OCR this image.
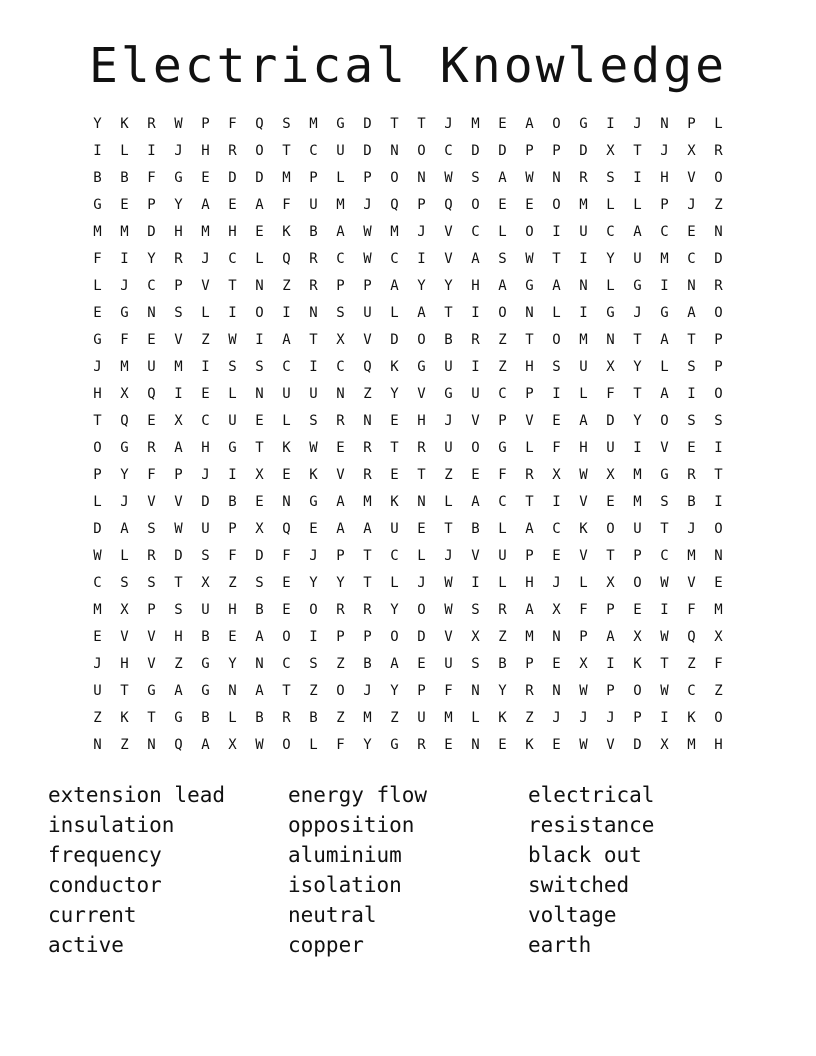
Electrical Knowledge
Y	K	R	W	P	F	Q	S	M	G	D	T	T	J	M	E	A	O	G	I	J	N	P	L
I	L	I	J	H	R	O	T	C	U	D	N	O	C	D	D	P	P	D	X	T	J	X	R
B	B	F	G	E	D	D	M	P	L	P	O	N	W	S	A	W	N	R	S	I	H	V	O
G	E	P	Y	A	E	A	F	U	M	J	Q	P	Q	O	E	E	O	M	L	L	P	J	Z
M	M	D	H	M	H	E	K	B	A	W	M	J	V	C	L	O	I	U	C	A	C	E	N
F	I	Y	R	J	C	L	Q	R	C	W	C	I	V	A	S	W	T	I	Y	U	M	C	D
L	J	C	P	V	T	N	Z	R	P	P	A	Y	Y	H	A	G	A	N	L	G	I	N	R
E	G	N	S	L	I	O	I	N	S	U	L	A	T	I	O	N	L	I	G	J	G	A	O
G	F	E	V	Z	W	I	A	T	X	V	D	O	B	R	Z	T	O	M	N	T	A	T	P
J	M	U	M	I	S	S	C	I	C	Q	K	G	U	I	Z	H	S	U	X	Y	L	S	P
H	X	Q	I	E	L	N	U	U	N	Z	Y	V	G	U	C	P	I	L	F	T	A	I	O
T	Q	E	X	C	U	E	L	S	R	N	E	H	J	V	P	V	E	A	D	Y	O	S	S
O	G	R	A	H	G	T	K	W	E	R	T	R	U	O	G	L	F	H	U	I	V	E	I
P	Y	F	P	J	I	X	E	K	V	R	E	T	Z	E	F	R	X	W	X	M	G	R	T
L	J	V	V	D	B	E	N	G	A	M	K	N	L	A	C	T	I	V	E	M	S	B	I
D	A	S	W	U	P	X	Q	E	A	A	U	E	T	B	L	A	C	K	O	U	T	J	O
W	L	R	D	S	F	D	F	J	P	T	C	L	J	V	U	P	E	V	T	P	C	M	N
C	S	S	T	X	Z	S	E	Y	Y	T	L	J	W	I	L	H	J	L	X	O	W	V	E
M	X	P	S	U	H	B	E	O	R	R	Y	O	W	S	R	A	X	F	P	E	I	F	M
E	V	V	H	B	E	A	O	I	P	P	O	D	V	X	Z	M	N	P	A	X	W	Q	X
J	H	V	Z	G	Y	N	C	S	Z	B	A	E	U	S	B	P	E	X	I	K	T	Z	F
U	T	G	A	G	N	A	T	Z	O	J	Y	P	F	N	Y	R	N	W	P	O	W	C	Z
Z	K	T	G	B	L	B	R	B	Z	M	Z	U	M	L	K	Z	J	J	J	P	I	K	O
N	Z	N	Q	A	X	W	O	L	F	Y	G	R	E	N	E	K	E	W	V	D	X	M	H
extension lead
insulation
frequency
conductor
current
active
energy flow
opposition
aluminium
isolation
neutral
copper
electrical
resistance
black out
switched
voltage
earth
